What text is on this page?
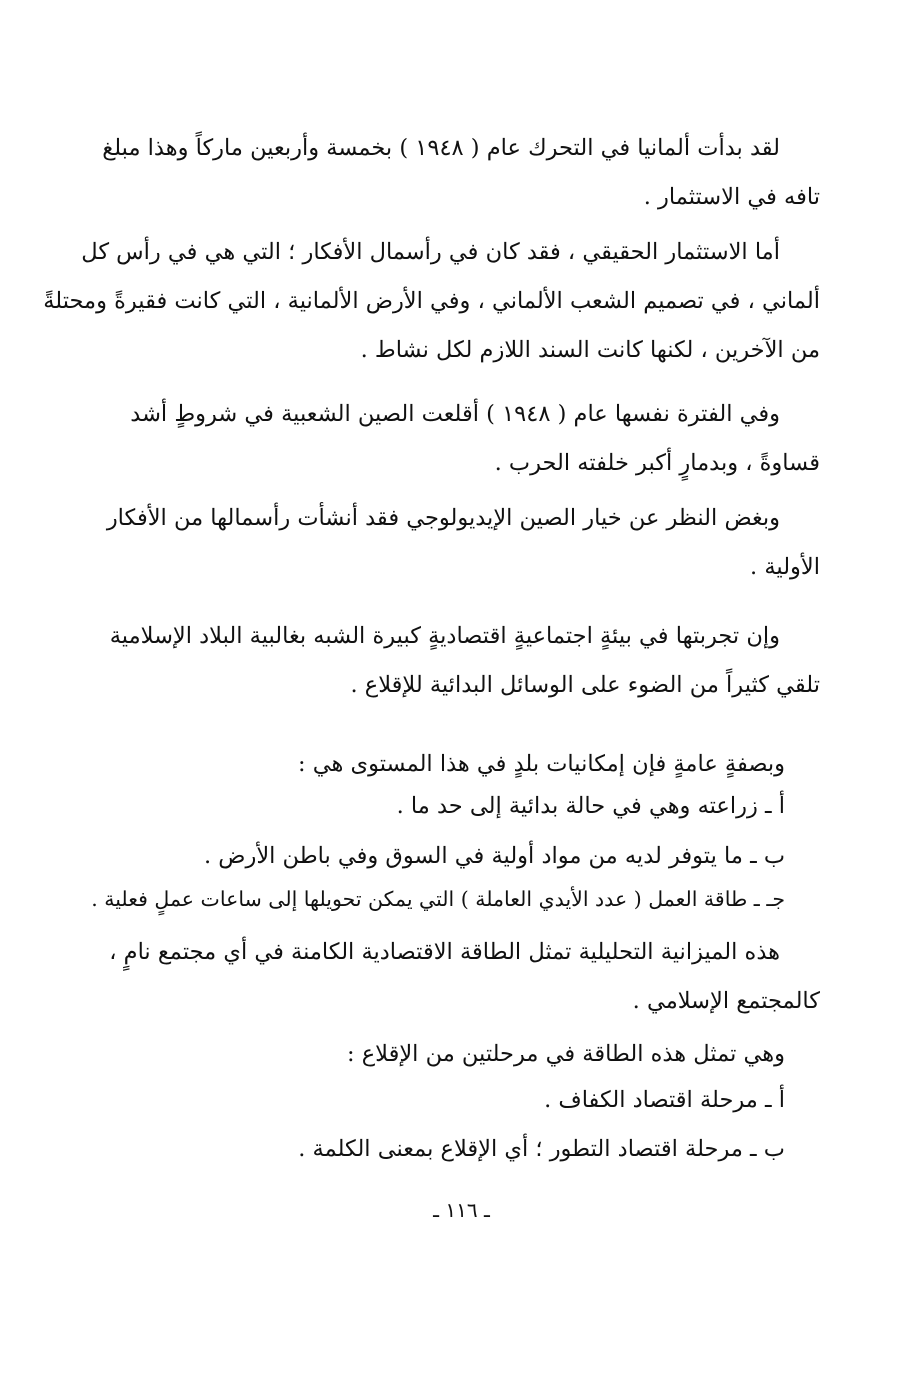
لقد بدأت ألمانيا في التحرك عام ( ١٩٤٨ ) بخمسة وأربعين ماركاً وهذا مبلغ
تافه في الاستثمار .
أما الاستثمار الحقيقي ، فقد كان في رأسمال الأفكار ؛ التي هي في رأس كل
ألماني ، في تصميم الشعب الألماني ، وفي الأرض الألمانية ، التي كانت فقيرةً ومحتلةً
من الآخرين ، لكنها كانت السند اللازم لكل نشاط .
وفي الفترة نفسها عام ( ١٩٤٨ ) أقلعت الصين الشعبية في شروطٍ أشد
قساوةً ، وبدمارٍ أكبر خلفته الحرب .
وبغض النظر عن خيار الصين الإيديولوجي فقد أنشأت رأسمالها من الأفكار
الأولية .
وإن تجربتها في بيئةٍ اجتماعيةٍ اقتصاديةٍ كبيرة الشبه بغالبية البلاد الإسلامية
تلقي كثيراً من الضوء على الوسائل البدائية للإقلاع .
وبصفةٍ عامةٍ فإن إمكانيات بلدٍ في هذا المستوى هي :
أ ـ زراعته وهي في حالة بدائية إلى حد ما .
ب ـ ما يتوفر لديه من مواد أولية في السوق وفي باطن الأرض .
جـ ـ طاقة العمل ( عدد الأيدي العاملة ) التي يمكن تحويلها إلى ساعات عملٍ فعلية .
هذه الميزانية التحليلية تمثل الطاقة الاقتصادية الكامنة في أي مجتمع نامٍ ،
كالمجتمع الإسلامي .
وهي تمثل هذه الطاقة في مرحلتين من الإقلاع :
أ ـ مرحلة اقتصاد الكفاف .
ب ـ مرحلة اقتصاد التطور ؛ أي الإقلاع بمعنى الكلمة .
ـ ١١٦ ـ
